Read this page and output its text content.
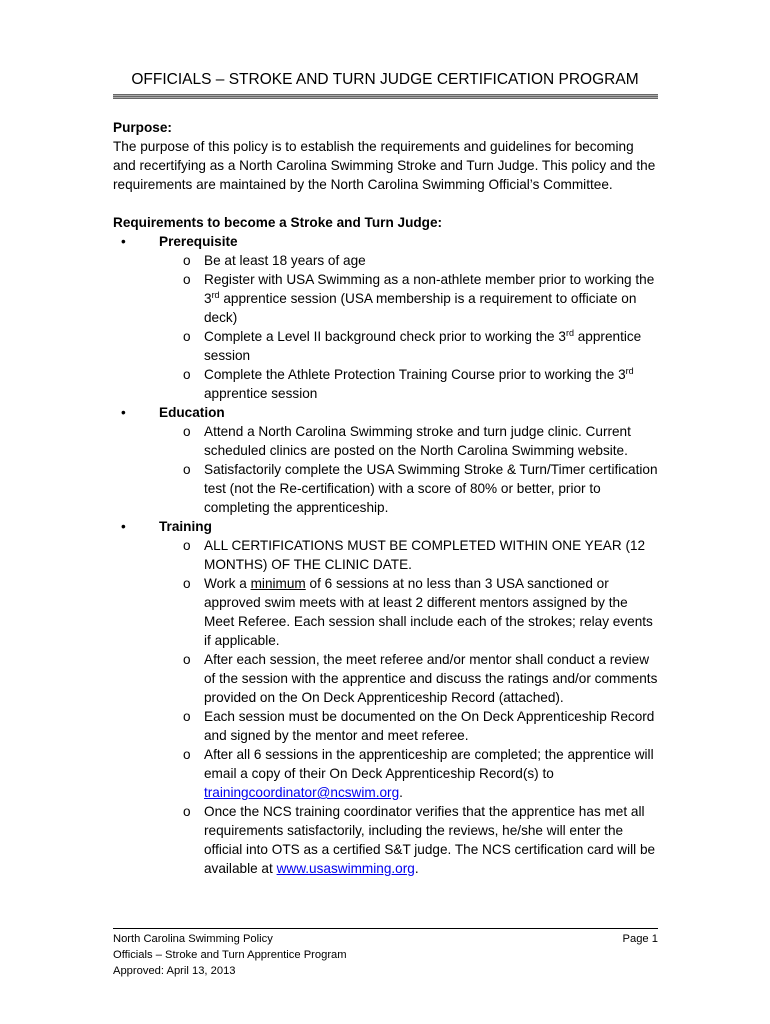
OFFICIALS – STROKE AND TURN JUDGE CERTIFICATION PROGRAM

Purpose:

The purpose of this policy is to establish the requirements and guidelines for becoming and recertifying as a North Carolina Swimming Stroke and Turn Judge. This policy and the requirements are maintained by the North Carolina Swimming Official’s Committee.

Requirements to become a Stroke and Turn Judge:

• Prerequisite
o Be at least 18 years of age
o Register with USA Swimming as a non-athlete member prior to working the 3rd apprentice session (USA membership is a requirement to officiate on deck)
o Complete a Level II background check prior to working the 3rd apprentice session
o Complete the Athlete Protection Training Course prior to working the 3rd apprentice session
• Education
o Attend a North Carolina Swimming stroke and turn judge clinic. Current scheduled clinics are posted on the North Carolina Swimming website.
o Satisfactorily complete the USA Swimming Stroke & Turn/Timer certification test (not the Re-certification) with a score of 80% or better, prior to completing the apprenticeship.
• Training
o ALL CERTIFICATIONS MUST BE COMPLETED WITHIN ONE YEAR (12 MONTHS) OF THE CLINIC DATE.
o Work a minimum of 6 sessions at no less than 3 USA sanctioned or approved swim meets with at least 2 different mentors assigned by the Meet Referee. Each session shall include each of the strokes; relay events if applicable.
o After each session, the meet referee and/or mentor shall conduct a review of the session with the apprentice and discuss the ratings and/or comments provided on the On Deck Apprenticeship Record (attached).
o Each session must be documented on the On Deck Apprenticeship Record and signed by the mentor and meet referee.
o After all 6 sessions in the apprenticeship are completed; the apprentice will email a copy of their On Deck Apprenticeship Record(s) to trainingcoordinator@ncswim.org.
o Once the NCS training coordinator verifies that the apprentice has met all requirements satisfactorily, including the reviews, he/she will enter the official into OTS as a certified S&T judge. The NCS certification card will be available at www.usaswimming.org.
North Carolina Swimming Policy
Officials – Stroke and Turn Apprentice Program
Approved: April 13, 2013
Page 1
